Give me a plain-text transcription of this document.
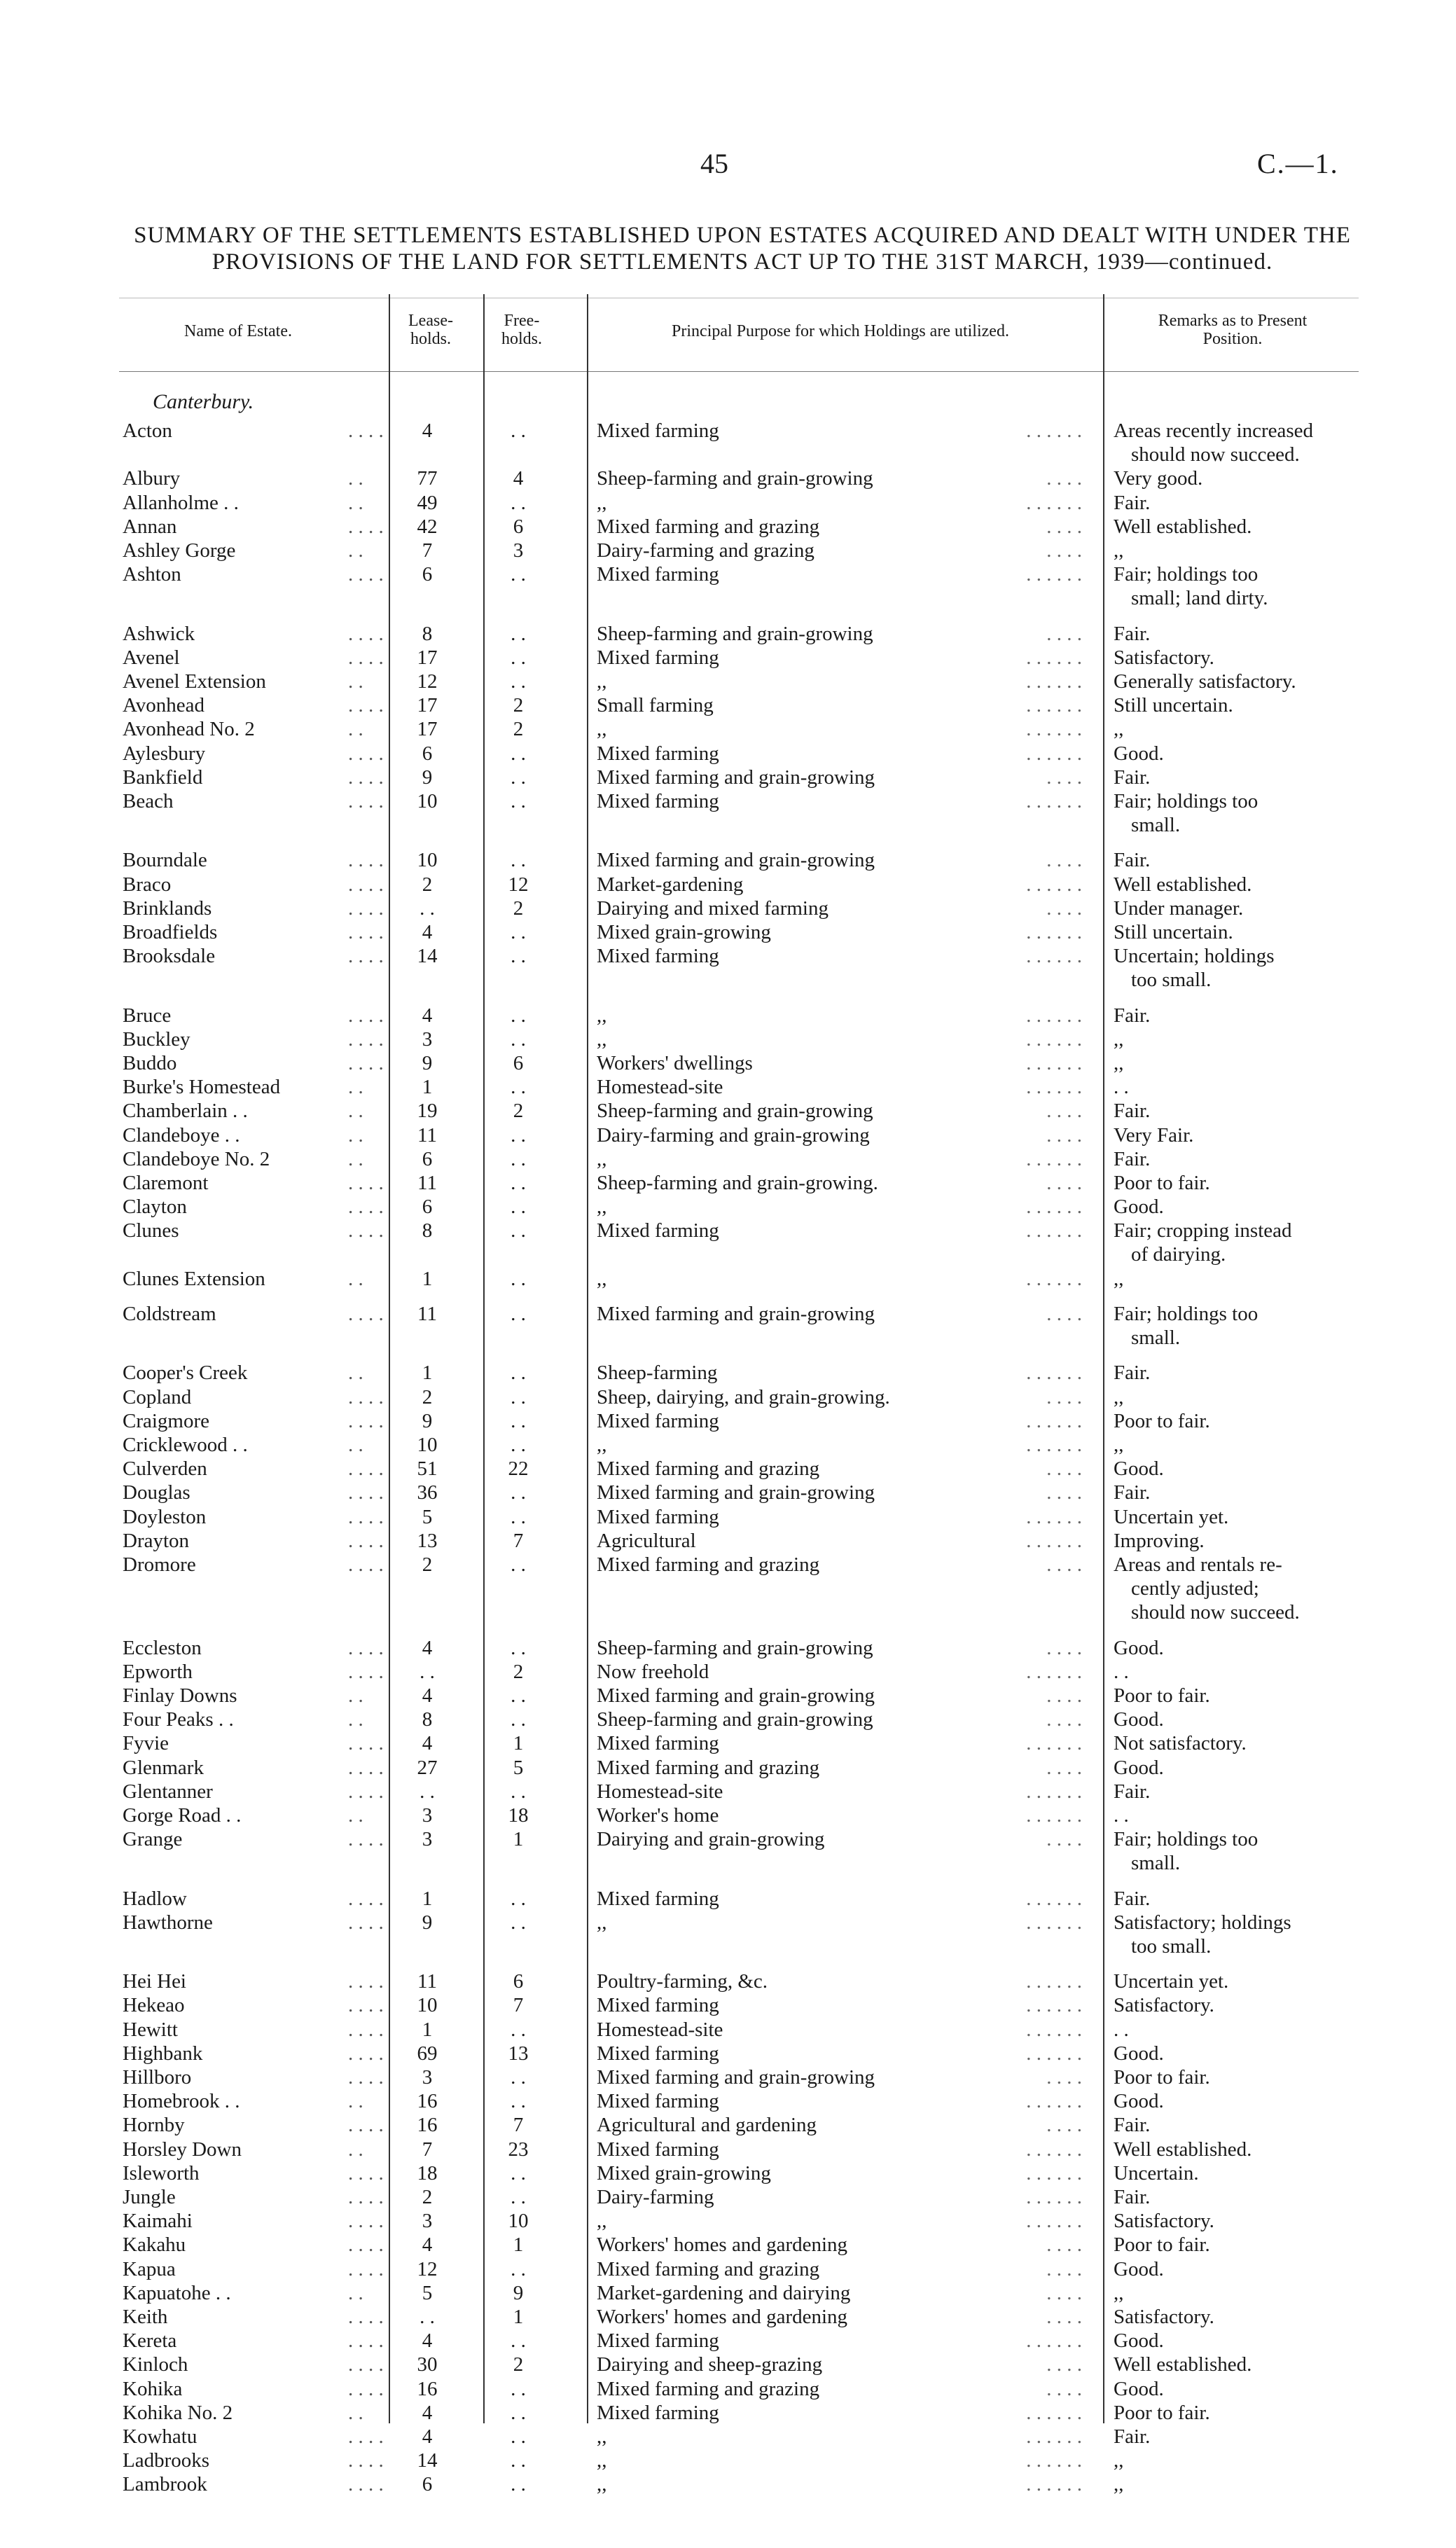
45	C.—1.
SUMMARY OF THE SETTLEMENTS ESTABLISHED UPON ESTATES ACQUIRED AND DEALT WITH UNDER THE
PROVISIONS OF THE LAND FOR SETTLEMENTS ACT UP TO THE 31ST MARCH, 1939—continued.
Name of Estate.
Lease-
holds.
Free-
holds.	Principal Purpose for which Holdings are utilized.
Remarks as to Present
Position.
Canterbury.
Acton	. . . .	4	. .	Mixed farming	. . . . . . Areas recently increased
should now succeed.
Albury	. .	77	4	Sheep-farming and grain-growing	. . . . Very good.
Allanholme . .	. .	49	. .	,,	. . . . . . Fair.
Annan	. . . .	42	6	Mixed farming and grazing	. . . . Well established.
Ashley Gorge	. .	7	3	Dairy-farming and grazing	. . . . ,,
Ashton	. . . .	6	. .	Mixed farming	. . . . . . Fair; holdings too
small; land dirty.
Ashwick	. . . .	8	. .	Sheep-farming and grain-growing	. . . . Fair.
Avenel	. . . .	17	. .	Mixed farming	. . . . . . Satisfactory.
Avenel Extension	. .	12	. .	,,	. . . . . . Generally satisfactory.
Avonhead	. . . .	17	2	Small farming	. . . . . . Still uncertain.
Avonhead No. 2	. .	17	2	,,	. . . . . . ,,
Aylesbury	. . . .	6	. .	Mixed farming	. . . . . . Good.
Bankfield	. . . .	9	. .	Mixed farming and grain-growing	. . . . Fair.
Beach	. . . .	10	. .	Mixed farming	. . . . . . Fair; holdings too
small.
Bourndale	. . . .	10	. .	Mixed farming and grain-growing	. . . . Fair.
Braco	. . . .	2	12	Market-gardening	. . . . . . Well established.
Brinklands	. . . .	. .	2	Dairying and mixed farming	. . . . Under manager.
Broadfields	. . . .	4	. .	Mixed grain-growing	. . . . . . Still uncertain.
Brooksdale	. . . .	14	. .	Mixed farming	. . . . . . Uncertain; holdings
too small.
Bruce	. . . .	4	. .	,,	. . . . . . Fair.
Buckley	. . . .	3	. .	,,	. . . . . . ,,
Buddo	. . . .	9	6	Workers' dwellings	. . . . . . ,,
Burke's Homestead	. .	1	. .	Homestead-site	. . . . . . . .
Chamberlain . .	. .	19	2	Sheep-farming and grain-growing	. . . . Fair.
Clandeboye . .	. .	11	. .	Dairy-farming and grain-growing	. . . . Very Fair.
Clandeboye No. 2	. .	6	. .	,,	. . . . . . Fair.
Claremont	. . . .	11	. .	Sheep-farming and grain-growing.	. . . . Poor to fair.
Clayton	. . . .	6	. .	,,	. . . . . . Good.
Clunes	. . . .	8	. .	Mixed farming	. . . . . . Fair; cropping instead
of dairying.
Clunes Extension	. .	1	. .	,,	. . . . . . ,,
Coldstream	. . . .	11	. .	Mixed farming and grain-growing	. . . . Fair; holdings too
small.
Cooper's Creek	. .	1	. .	Sheep-farming	. . . . . . Fair.
Copland	. . . .	2	. .	Sheep, dairying, and grain-growing.	. . . . ,,
Craigmore	. . . .	9	. .	Mixed farming	. . . . . . Poor to fair.
Cricklewood . .	. .	10	. .	,,	. . . . . . ,,
Culverden	. . . .	51	22	Mixed farming and grazing	. . . . Good.
Douglas	. . . .	36	. .	Mixed farming and grain-growing	. . . . Fair.
Doyleston	. . . .	5	. .	Mixed farming	. . . . . . Uncertain yet.
Drayton	. . . .	13	7	Agricultural	. . . . . . Improving.
Dromore	. . . .	2	. .	Mixed farming and grazing	. . . . Areas and rentals re-
cently adjusted;
should now succeed.
Eccleston	. . . .	4	. .	Sheep-farming and grain-growing	. . . . Good.
Epworth	. . . .	. .	2	Now freehold	. . . . . . . .
Finlay Downs	. .	4	. .	Mixed farming and grain-growing	. . . . Poor to fair.
Four Peaks . .	. .	8	. .	Sheep-farming and grain-growing	. . . . Good.
Fyvie	. . . .	4	1	Mixed farming	. . . . . . Not satisfactory.
Glenmark	. . . .	27	5	Mixed farming and grazing	. . . . Good.
Glentanner	. . . .	. .	. .	Homestead-site	. . . . . . Fair.
Gorge Road . .	. .	3	18	Worker's home	. . . . . . . .
Grange	. . . .	3	1	Dairying and grain-growing	. . . . Fair; holdings too
small.
Hadlow	. . . .	1	. .	Mixed farming	. . . . . . Fair.
Hawthorne	. . . .	9	. .	,,	. . . . . . Satisfactory; holdings
too small.
Hei Hei	. . . .	11	6	Poultry-farming, &c.	. . . . . . Uncertain yet.
Hekeao	. . . .	10	7	Mixed farming	. . . . . . Satisfactory.
Hewitt	. . . .	1	. .	Homestead-site	. . . . . . . .
Highbank	. . . .	69	13	Mixed farming	. . . . . . Good.
Hillboro	. . . .	3	. .	Mixed farming and grain-growing	. . . . Poor to fair.
Homebrook . .	. .	16	. .	Mixed farming	. . . . . . Good.
Hornby	. . . .	16	7	Agricultural and gardening	. . . . Fair.
Horsley Down	. .	7	23	Mixed farming	. . . . . . Well established.
Isleworth	. . . .	18	. .	Mixed grain-growing	. . . . . . Uncertain.
Jungle	. . . .	2	. .	Dairy-farming	. . . . . . Fair.
Kaimahi	. . . .	3	10	,,	. . . . . . Satisfactory.
Kakahu	. . . .	4	1	Workers' homes and gardening	. . . . Poor to fair.
Kapua	. . . .	12	. .	Mixed farming and grazing	. . . . Good.
Kapuatohe . .	. .	5	9	Market-gardening and dairying	. . . . ,,
Keith	. . . .	. .	1	Workers' homes and gardening	. . . . Satisfactory.
Kereta	. . . .	4	. .	Mixed farming	. . . . . . Good.
Kinloch	. . . .	30	2	Dairying and sheep-grazing	. . . . Well established.
Kohika	. . . .	16	. .	Mixed farming and grazing	. . . . Good.
Kohika No. 2	. .	4	. .	Mixed farming	. . . . . . Poor to fair.
Kowhatu	. . . .	4	. .	,,	. . . . . . Fair.
Ladbrooks	. . . .	14	. .	,,	. . . . . . ,,
Lambrook	. . . .	6	. .	,,	. . . . . . ,,
